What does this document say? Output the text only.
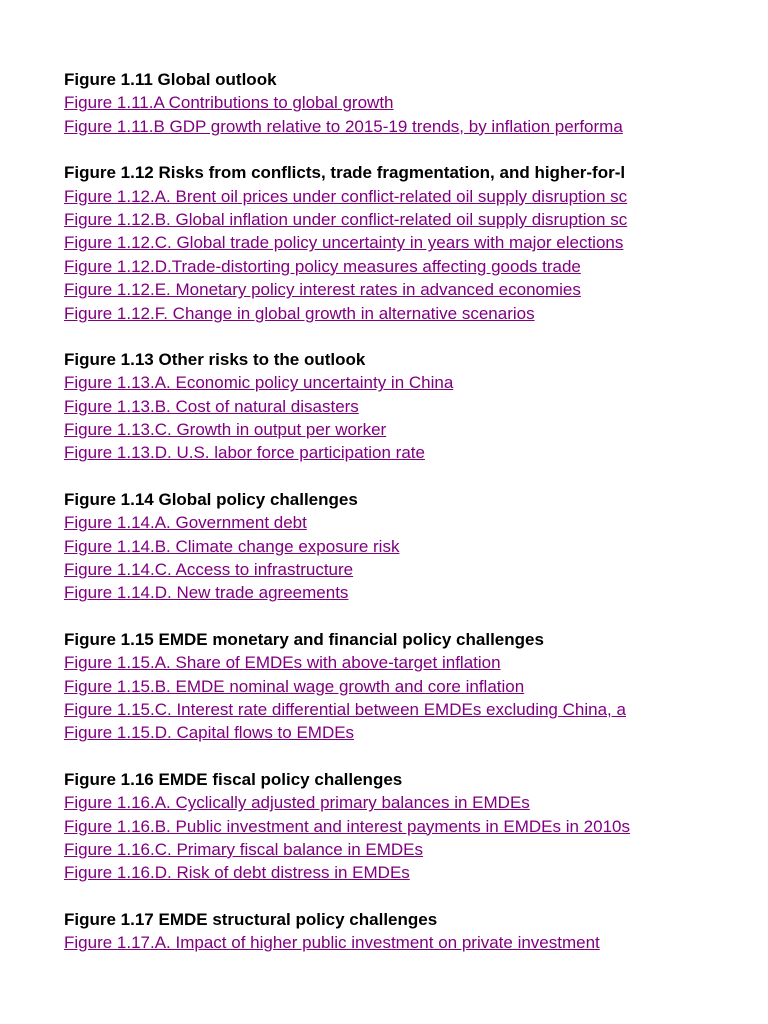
Figure 1.11 Global outlook
Figure 1.11.A Contributions to global growth
Figure 1.11.B GDP growth relative to 2015-19 trends, by inflation performa
Figure 1.12 Risks from conflicts, trade fragmentation, and higher-for-l
Figure 1.12.A. Brent oil prices under conflict-related oil supply disruption sc
Figure 1.12.B. Global inflation under conflict-related oil supply disruption sc
Figure 1.12.C. Global trade policy uncertainty in years with major elections
Figure 1.12.D.Trade-distorting policy measures affecting goods trade
Figure 1.12.E. Monetary policy interest rates in advanced economies
Figure 1.12.F. Change in global growth in alternative scenarios
Figure 1.13 Other risks to the outlook
Figure 1.13.A. Economic policy uncertainty in China
Figure 1.13.B. Cost of natural disasters
Figure 1.13.C. Growth in output per worker
Figure 1.13.D. U.S. labor force participation rate
Figure 1.14 Global policy challenges
Figure 1.14.A. Government debt
Figure 1.14.B. Climate change exposure risk
Figure 1.14.C. Access to infrastructure
Figure 1.14.D. New trade agreements
Figure 1.15 EMDE monetary and financial policy challenges
Figure 1.15.A. Share of EMDEs with above-target inflation
Figure 1.15.B. EMDE nominal wage growth and core inflation
Figure 1.15.C. Interest rate differential between EMDEs excluding China, a
Figure 1.15.D. Capital flows to EMDEs
Figure 1.16 EMDE fiscal policy challenges
Figure 1.16.A. Cyclically adjusted primary balances in EMDEs
Figure 1.16.B. Public investment and interest payments in EMDEs in 2010s
Figure 1.16.C. Primary fiscal balance in EMDEs
Figure 1.16.D. Risk of debt distress in EMDEs
Figure 1.17 EMDE structural policy challenges
Figure 1.17.A. Impact of higher public investment on private investment
